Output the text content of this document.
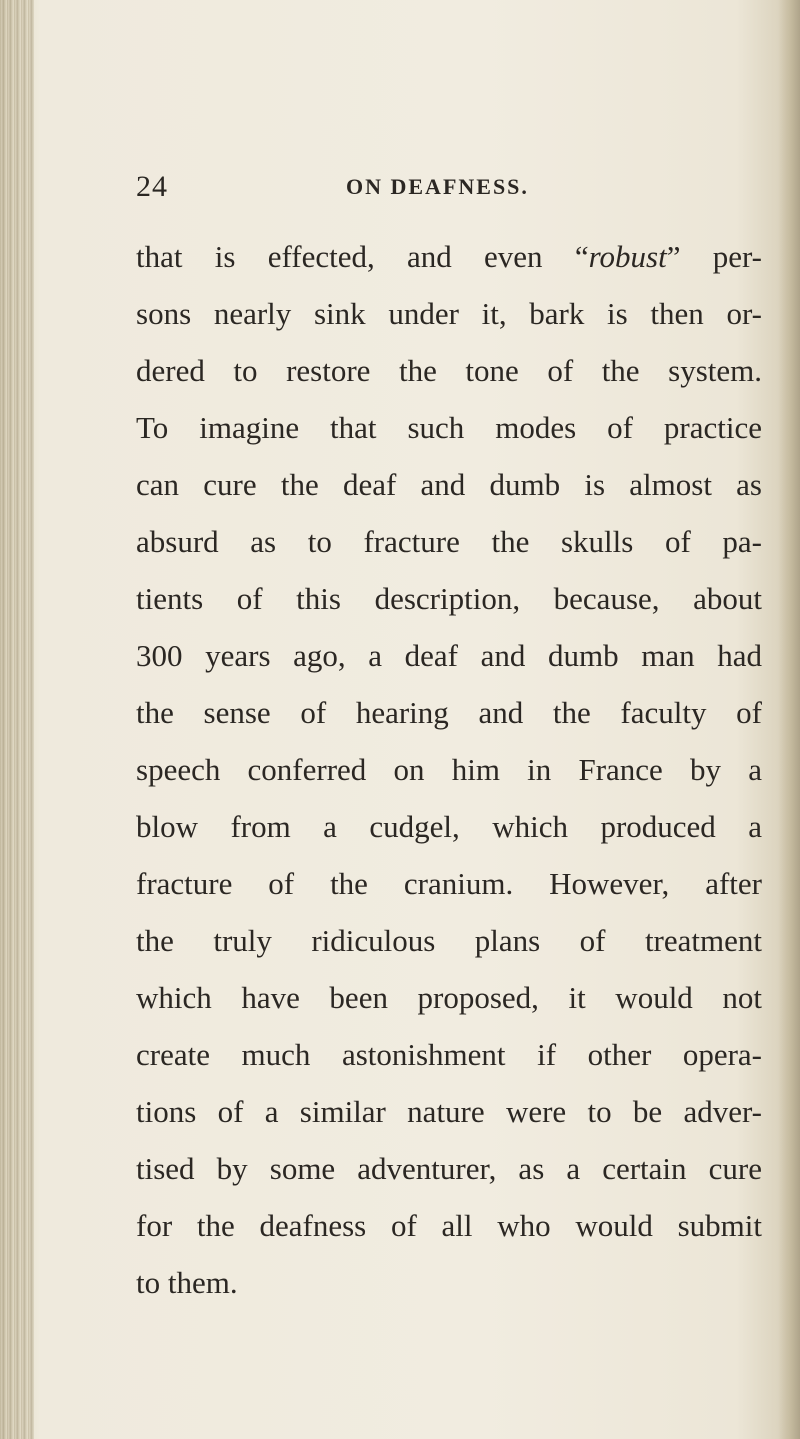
24	ON DEAFNESS.
that is effected, and even “robust” per-
sons nearly sink under it, bark is then or-
dered to restore the tone of the system.
To imagine that such modes of practice
can cure the deaf and dumb is almost as
absurd as to fracture the skulls of pa-
tients of this description, because, about
300 years ago, a deaf and dumb man had
the sense of hearing and the faculty of
speech conferred on him in France by a
blow from a cudgel, which produced a
fracture of the cranium. However, after
the truly ridiculous plans of treatment
which have been proposed, it would not
create much astonishment if other opera-
tions of a similar nature were to be adver-
tised by some adventurer, as a certain cure
for the deafness of all who would submit
to them.
